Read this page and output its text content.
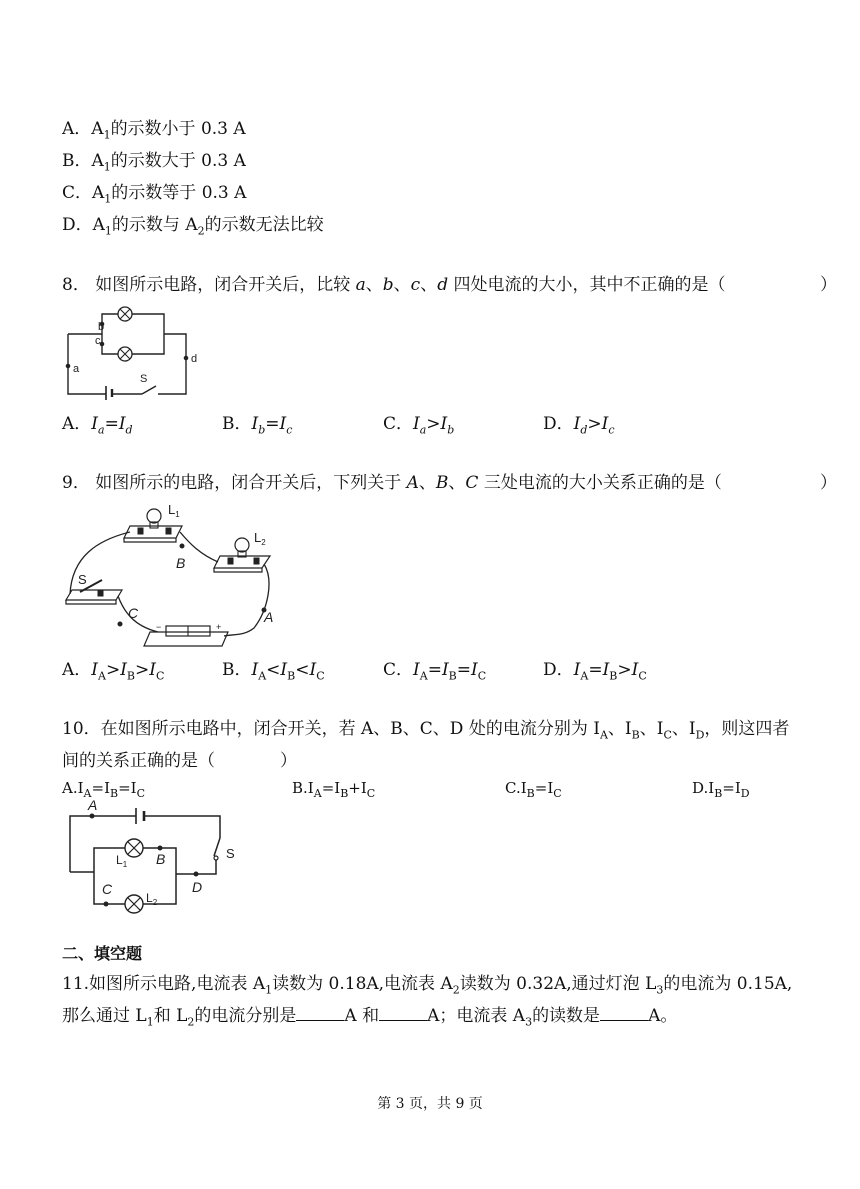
A．$A_1$的示数小于 0.3 A
B．$A_1$的示数大于 0.3 A
C．$A_1$的示数等于 0.3 A
D．$A_1$的示数与 $A_2$的示数无法比较
8． 如图所示电路，闭合开关后，比较 a、b、c、d 四处电流的大小，其中不正确的是（	）
a
b
c
d
S
A．$I_a=I_d$	B．$I_b=I_c$	C．$I_a>I_b$	D．$I_d>I_c$
9． 如图所示的电路，闭合开关后，下列关于 A、B、C 三处电流的大小关系正确的是（	）
$L_1$
$L_2$
S
−	+
B
A
C
A．$I_A>I_B>I_C$	B．$I_A<I_B<I_C$	C．$I_A=I_B=I_C$	D．$I_A=I_B>I_C$
10．在如图所示电路中，闭合开关，若 A、B、C、D 处的电流分别为 $I_A$、$I_B$、$I_C$、$I_D$，则这四者
间的关系正确的是（	）
$A.I_A=I_B=I_C$	$B.I_A=I_B+I_C$	$C.I_B=I_C$	$D.I_B=I_D$
A
B
C	D
S
$L_1$
$L_2$
二、填空题
11.如图所示电路,电流表 $A_1$读数为 0.18A,电流表 $A_2$读数为 0.32A,通过灯泡 $L_3$的电流为 0.15A,
那么通过 $L_1$和 $L_2$的电流分别是	A 和	A；电流表 $A_3$的读数是	A。
第 3 页，共 9 页
